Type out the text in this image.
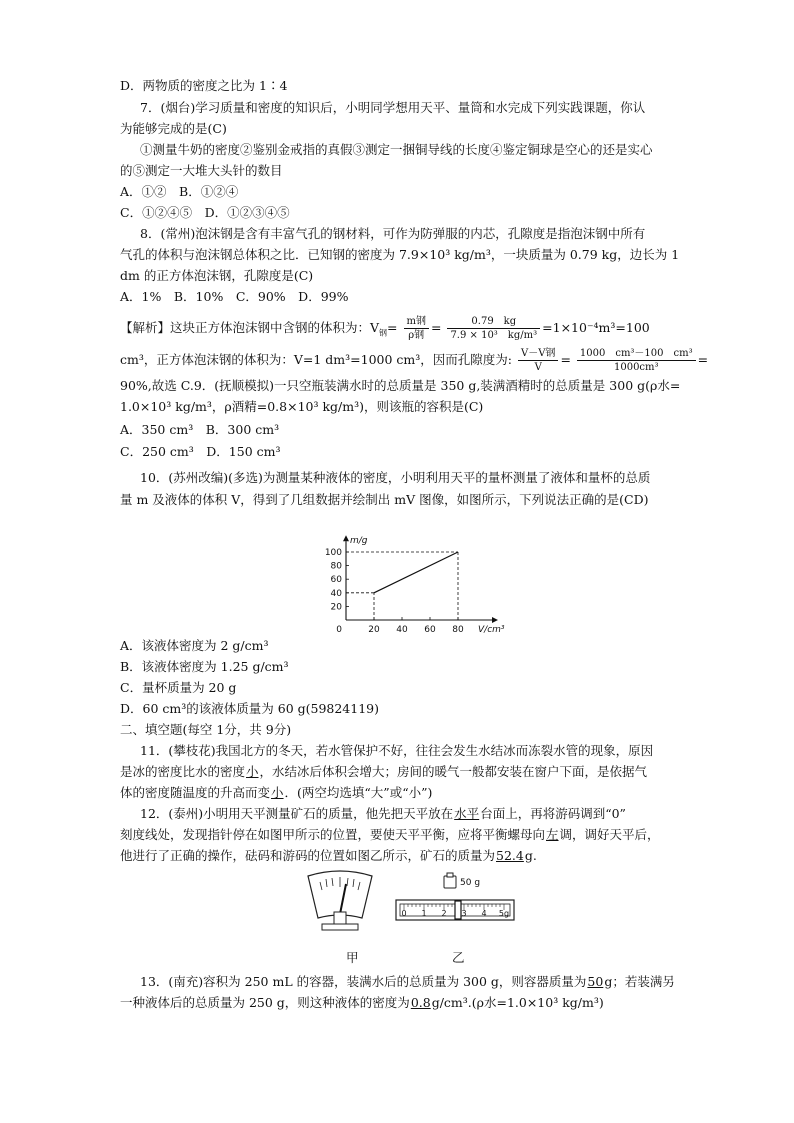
D．两物质的密度之比为 1∶4
7．(烟台)学习质量和密度的知识后，小明同学想用天平、量筒和水完成下列实践课题，你认
为能够完成的是(C)
①测量牛奶的密度②鉴别金戒指的真假③测定一捆铜导线的长度④鉴定铜球是空心的还是实心
的⑤测定一大堆大头针的数目
A．①②　B．①②④
C．①②④⑤　D．①②③④⑤
8．(常州)泡沫钢是含有丰富气孔的钢材料，可作为防弹服的内芯，孔隙度是指泡沫钢中所有
气孔的体积与泡沫钢总体积之比．已知钢的密度为 7.9×10³ kg/m³，一块质量为 0.79 kg，边长为 1
dm 的正方体泡沫钢，孔隙度是(C)
A．1%　B．10%　C．90%　D．99%
【解析】这块正方体泡沫钢中含钢的体积为：$V_钢= \frac{\text{m钢}}{\text{ρ钢}} = \frac{0.79 kg}{\text{7.9 × 10³　kg/m³}} =1\times 10^{-4}m^3=100$
cm³，正方体泡沫钢的体积为：V=1 dm³=1000 cm³，因而孔隙度为: $\frac{\text{V－V钢}}{V} = \frac{\text{1000　cm³－100　cm³}}{\text{1000cm³}}$ =
90%,故选 C.9．(抚顺模拟)一只空瓶装满水时的总质量是 350 g,装满酒精时的总质量是 300 g(ρ水=
1.0×10³ kg/m³，ρ酒精=0.8×10³ kg/m³)，则该瓶的容积是(C)
A．350 cm³　B．300 cm³
C．250 cm³　D．150 cm³
10．(苏州改编)(多选)为测量某种液体的密度，小明利用天平的量杯测量了液体和量杯的总质
量 m 及液体的体积 V，得到了几组数据并绘制出 mV 图像，如图所示，下列说法正确的是(CD)
20 40 60 80
20
40
60
80
100
0
m/g
V/cm³
A．该液体密度为 2 g/cm³
B．该液体密度为 1.25 g/cm³
C．量杯质量为 20 g
D．60 cm³的该液体质量为 60 g(59824119)
二、填空题(每空 1分，共 9分)
11．(攀枝花)我国北方的冬天，若水管保护不好，往往会发生水结冰而冻裂水管的现象，原因
是冰的密度比水的密度小，水结冰后体积会增大；房间的暖气一般都安装在窗户下面，是依据气
体的密度随温度的升高而变小．(两空均选填“大”或“小”)
12．(泰州)小明用天平测量矿石的质量，他先把天平放在水平台面上，再将游码调到“0”
刻度线处，发现指针停在如图甲所示的位置，要使天平平衡，应将平衡螺母向左调，调好天平后，
他进行了正确的操作，砝码和游码的位置如图乙所示，矿石的质量为52.4g.
甲
50 g
0 1 2 3 4 5g
乙
13．(南充)容积为 250 mL 的容器，装满水后的总质量为 300 g，则容器质量为50g；若装满另
一种液体后的总质量为 250 g，则这种液体的密度为0.8g/cm³.(ρ水=1.0×10³ kg/m³)
